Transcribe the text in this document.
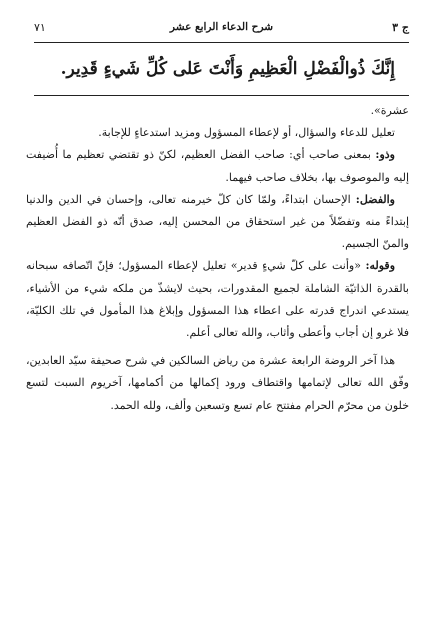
ج ٣
شرح الدعاء الرابع عشر
٧١
إِنَّكَ ذُوالْفَضْلِ الْعَظِيمِ وَأَنْتَ عَلى كُلِّ شَيءٍ قَدِير.

عشرة».

تعليل للدعاء والسؤال، أو لإعطاء المسؤول ومزيد استدعاءٍ للإجابة.

وذو: بمعنى صاحب أي: صاحب الفضل العظيم، لكنّ ذو تقتضي تعظيم ما أُضيفت إليه والموصوف بها، بخلاف صاحب فيهما.

والفضل: الإحسان ابتداءً، ولمّا كان كلّ خيرمنه تعالى، وإحسان في الدين والدنيا إبتداءً منه وتفضّلاً من غير استحقاق من المحسن إليه، صدق أنّه ذو الفضل العظيم والمنّ الجسيم.

وقوله: «وأنت على كلّ شيءٍ قدير» تعليل لإعطاء المسؤول؛ فإنّ اتّصافه سبحانه بالقدرة الذاتيّة الشاملة لجميع المقدورات، بحيث لايشذّ من ملكه شيء من الأشياء، يستدعي اندراج قدرته على اعطاء هذا المسؤول وإبلاغ هذا المأمول في تلك الكليّة، فلا غرو إن أجاب وأعطى وأثاب، والله تعالى أعلم.

هذا آخر الروضة الرابعة عشرة من رياض السالكين في شرح صحيفة سيّد العابدين، وفّق الله تعالى لإتمامها واقتطاف ورود إكمالها من أكمامها، آخريوم السبت لتسع خلون من محرّم الحرام مفتتح عام تسع وتسعين وألف، ولله الحمد.
